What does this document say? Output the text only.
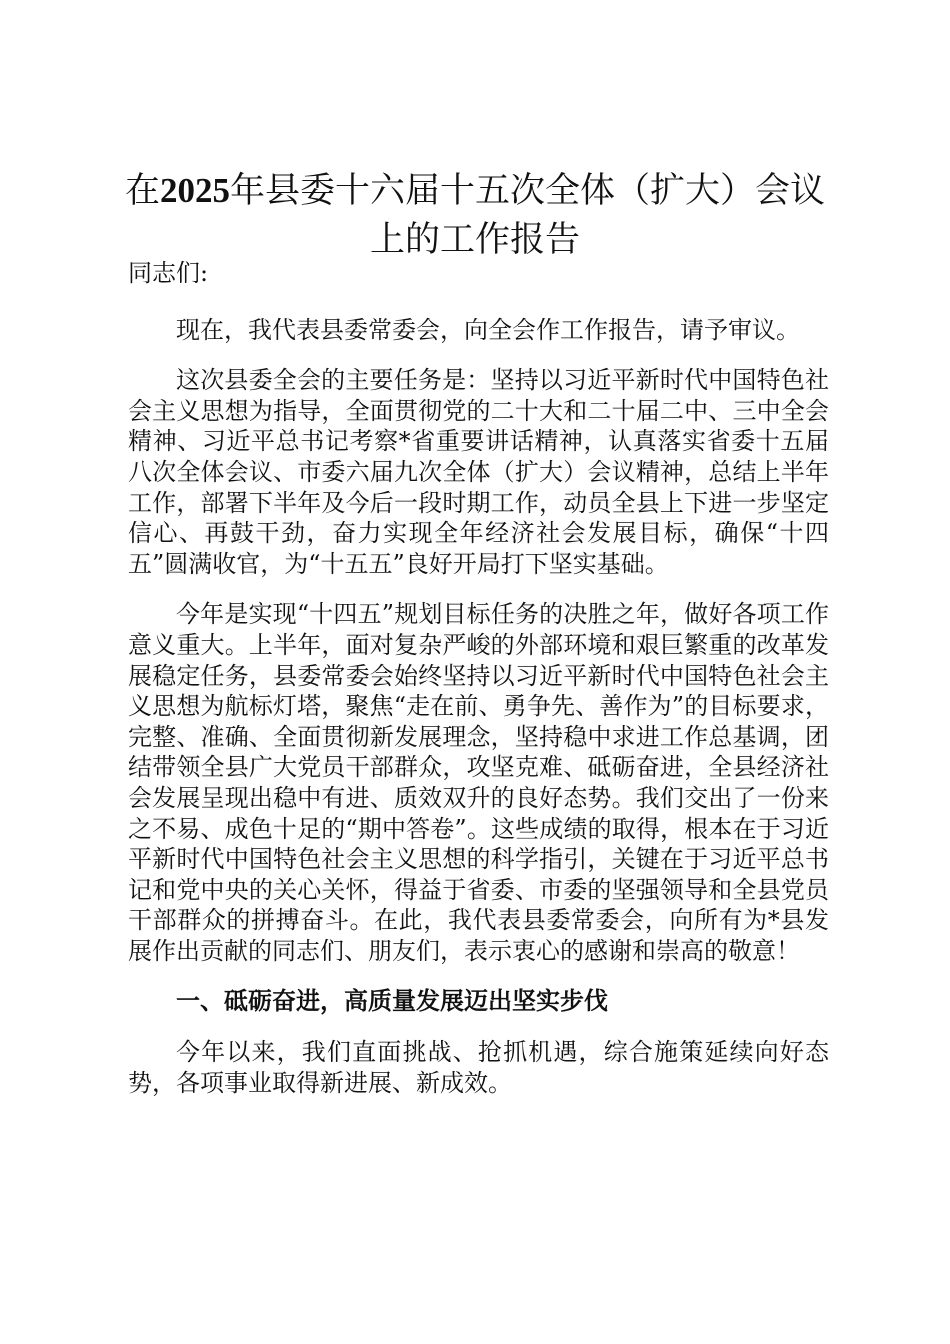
在2025年县委十六届十五次全体（扩大）会议上的工作报告

同志们:

现在，我代表县委常委会，向全会作工作报告，请予审议。

这次县委全会的主要任务是：坚持以习近平新时代中国特色社会主义思想为指导，全面贯彻党的二十大和二十届二中、三中全会精神、习近平总书记考察*省重要讲话精神，认真落实省委十五届八次全体会议、市委六届九次全体（扩大）会议精神，总结上半年工作，部署下半年及今后一段时期工作，动员全县上下进一步坚定信心、再鼓干劲，奋力实现全年经济社会发展目标，确保“十四五”圆满收官，为“十五五”良好开局打下坚实基础。

今年是实现“十四五”规划目标任务的决胜之年，做好各项工作意义重大。上半年，面对复杂严峻的外部环境和艰巨繁重的改革发展稳定任务，县委常委会始终坚持以习近平新时代中国特色社会主义思想为航标灯塔，聚焦“走在前、勇争先、善作为”的目标要求，完整、准确、全面贯彻新发展理念，坚持稳中求进工作总基调，团结带领全县广大党员干部群众，攻坚克难、砥砺奋进，全县经济社会发展呈现出稳中有进、质效双升的良好态势。我们交出了一份来之不易、成色十足的“期中答卷”。这些成绩的取得，根本在于习近平新时代中国特色社会主义思想的科学指引，关键在于习近平总书记和党中央的关心关怀，得益于省委、市委的坚强领导和全县党员干部群众的拼搏奋斗。在此，我代表县委常委会，向所有为*县发展作出贡献的同志们、朋友们，表示衷心的感谢和崇高的敬意！

一、砥砺奋进，高质量发展迈出坚实步伐

今年以来，我们直面挑战、抢抓机遇，综合施策延续向好态势，各项事业取得新进展、新成效。
